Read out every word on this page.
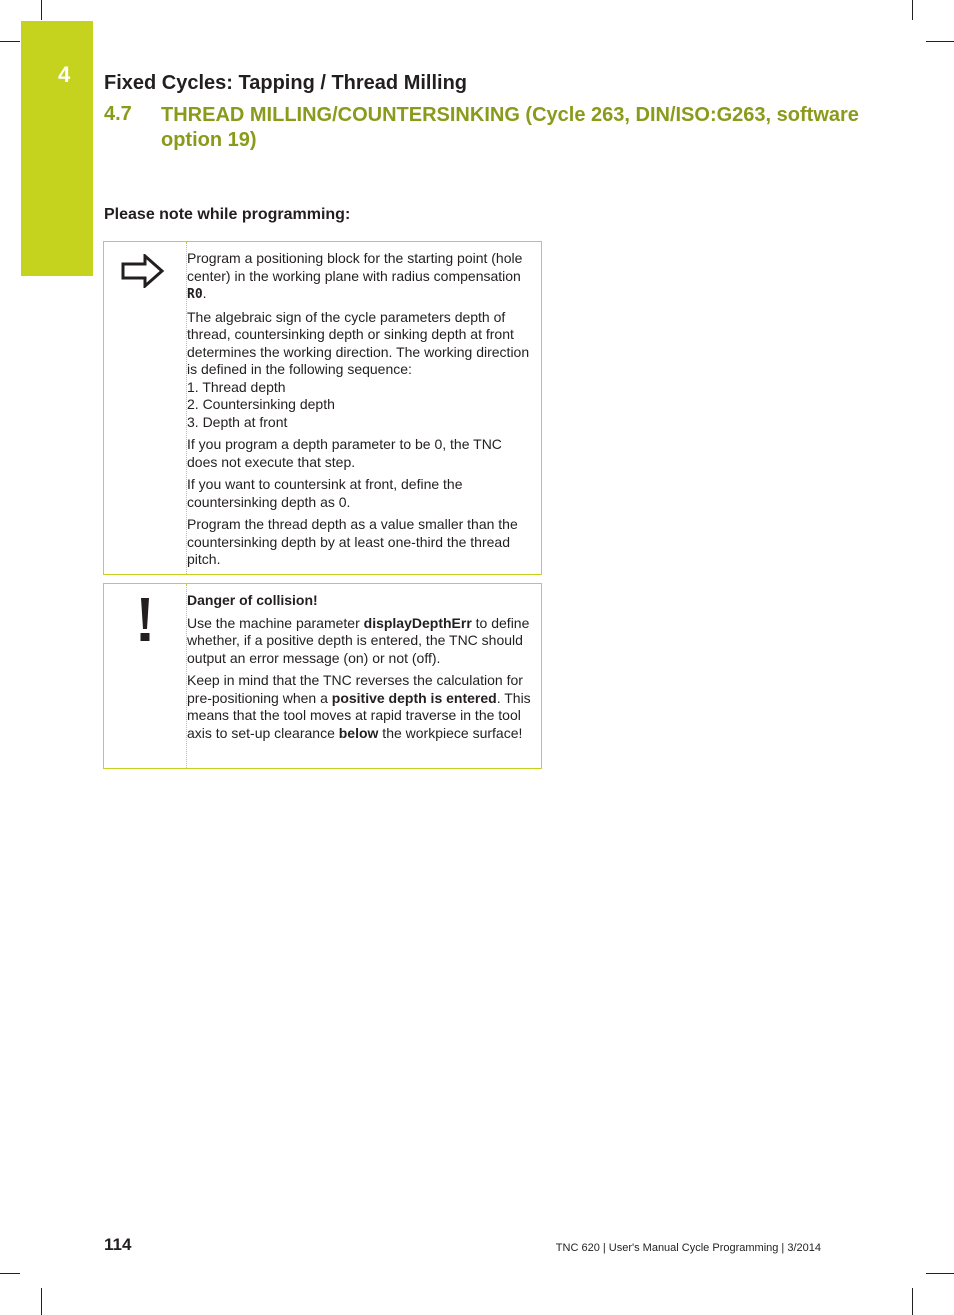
4 Fixed Cycles: Tapping / Thread Milling
4.7 THREAD MILLING/COUNTERSINKING (Cycle 263, DIN/ISO:G263, software option 19)
Please note while programming:

Program a positioning block for the starting point (hole center) in the working plane with radius compensation R0.

The algebraic sign of the cycle parameters depth of thread, countersinking depth or sinking depth at front determines the working direction. The working direction is defined in the following sequence:
1. Thread depth
2. Countersinking depth
3. Depth at front

If you program a depth parameter to be 0, the TNC does not execute that step.

If you want to countersink at front, define the countersinking depth as 0.

Program the thread depth as a value smaller than the countersinking depth by at least one-third the thread pitch.

Danger of collision!

Use the machine parameter displayDepthErr to define whether, if a positive depth is entered, the TNC should output an error message (on) or not (off).

Keep in mind that the TNC reverses the calculation for pre-positioning when a positive depth is entered. This means that the tool moves at rapid traverse in the tool axis to set-up clearance below the workpiece surface!

114	TNC 620 | User's Manual Cycle Programming | 3/2014
